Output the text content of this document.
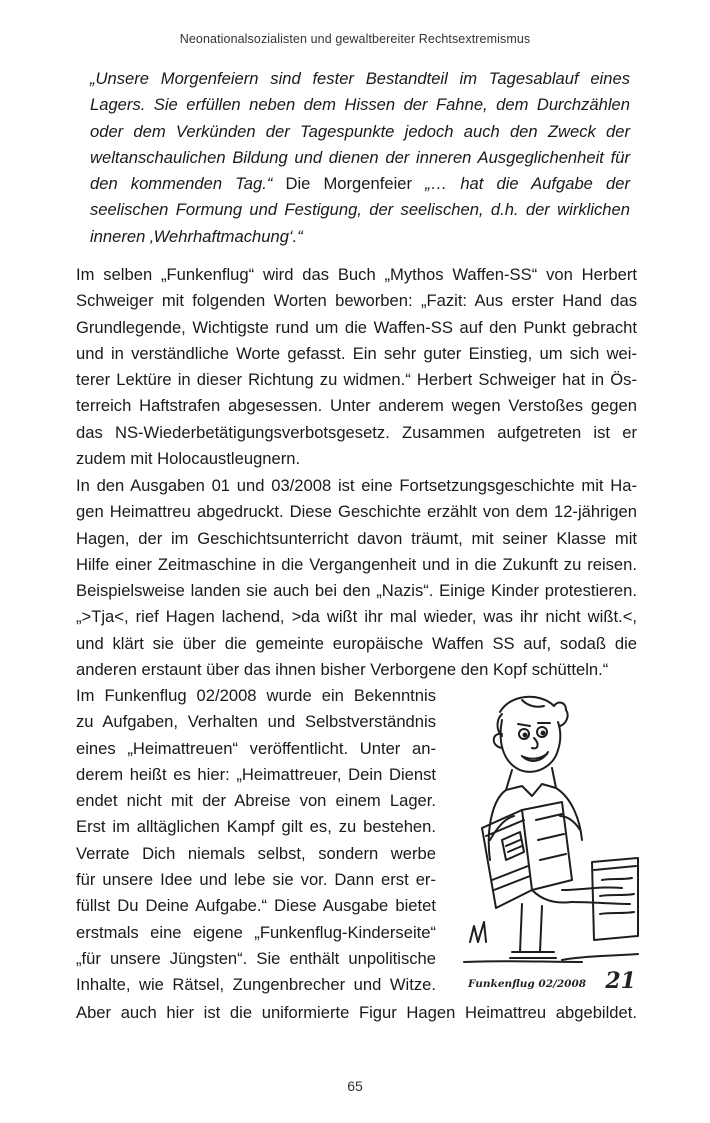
Neonationalsozialisten und gewaltbereiter Rechtsextremismus
„Unsere Morgenfeiern sind fester Bestandteil im Tagesablauf eines Lagers. Sie erfüllen neben dem Hissen der Fahne, dem Durchzählen oder dem Verkünden der Tagespunkte jedoch auch den Zweck der weltanschaulichen Bildung und dienen der inneren Ausgeglichenheit für den kommenden Tag.“ Die Morgenfeier „… hat die Aufgabe der seelischen Formung und Festigung, der seelischen, d.h. der wirklichen inneren ‚Wehrhaftmachung‘.“
Im selben „Funkenflug“ wird das Buch „Mythos Waffen-SS“ von Herbert
Schweiger mit folgenden Worten beworben: „Fazit: Aus erster Hand das
Grundlegende, Wichtigste rund um die Waffen-SS auf den Punkt gebracht
und in verständliche Worte gefasst. Ein sehr guter Einstieg, um sich wei-
terer Lektüre in dieser Richtung zu widmen.“ Herbert Schweiger hat in Ös-
terreich Haftstrafen abgesessen. Unter anderem wegen Verstoßes gegen
das NS-Wiederbetätigungsverbotsgesetz. Zusammen aufgetreten ist er
zudem mit Holocaustleugnern.
In den Ausgaben 01 und 03/2008 ist eine Fortsetzungsgeschichte mit Ha-
gen Heimattreu abgedruckt. Diese Geschichte erzählt von dem 12-jährigen
Hagen, der im Geschichtsunterricht davon träumt, mit seiner Klasse mit
Hilfe einer Zeitmaschine in die Vergangenheit und in die Zukunft zu reisen.
Beispielsweise landen sie auch bei den „Nazis“. Einige Kinder protestieren.
„>Tja<, rief Hagen lachend, >da wißt ihr mal wieder, was ihr nicht wißt.<,
und klärt sie über die gemeinte europäische Waffen SS auf, sodaß die
anderen erstaunt über das ihnen bisher Verborgene den Kopf schütteln.“
Im Funkenflug 02/2008 wurde ein Bekenntnis
zu Aufgaben, Verhalten und Selbstverständnis
eines „Heimattreuen“ veröffentlicht. Unter an-
derem heißt es hier: „Heimattreuer, Dein Dienst
endet nicht mit der Abreise von einem Lager.
Erst im alltäglichen Kampf gilt es, zu bestehen.
Verrate Dich niemals selbst, sondern werbe
für unsere Idee und lebe sie vor. Dann erst er-
füllst Du Deine Aufgabe.“ Diese Ausgabe bietet
erstmals eine eigene „Funkenflug-Kinderseite“
„für unsere Jüngsten“. Sie enthält unpolitische
Inhalte, wie Rätsel, Zungenbrecher und Witze.
Aber auch hier ist die uniformierte Figur Hagen Heimattreu abgebildet.
Funkenflug 02/2008 21
65
